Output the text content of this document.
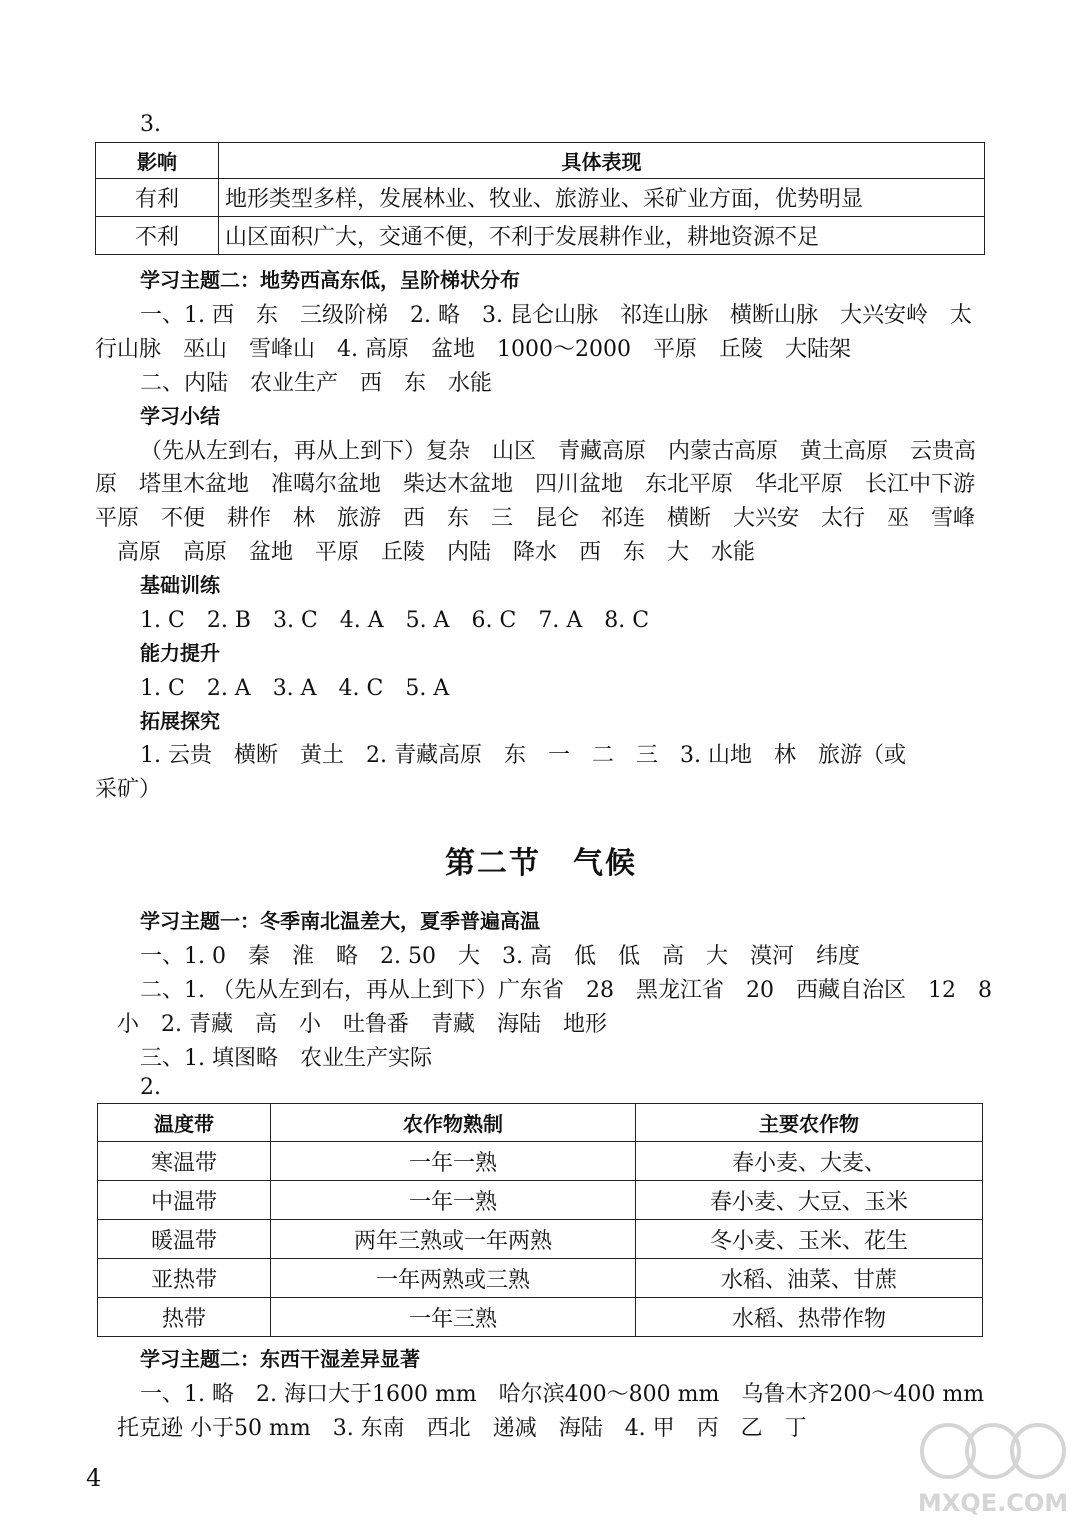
3.
影响	具体表现
有利	地形类型多样，发展林业、牧业、旅游业、采矿业方面，优势明显
不利	山区面积广大，交通不便，不利于发展耕作业，耕地资源不足
学习主题二：地势西高东低，呈阶梯状分布
一、1. 西　东　三级阶梯　2. 略　3. 昆仑山脉　祁连山脉　横断山脉　大兴安岭　太
行山脉　巫山　雪峰山　4. 高原　盆地　1000～2000　平原　丘陵　大陆架
二、内陆　农业生产　西　东　水能
学习小结
（先从左到右，再从上到下）复杂　山区　青藏高原　内蒙古高原　黄土高原　云贵高
原　塔里木盆地　准噶尔盆地　柴达木盆地　四川盆地　东北平原　华北平原　长江中下游
平原　不便　耕作　林　旅游　西　东　三　昆仑　祁连　横断　大兴安　太行　巫　雪峰
高原　高原　盆地　平原　丘陵　内陆　降水　西　东　大　水能
基础训练
1. C　2. B　3. C　4. A　5. A　6. C　7. A　8. C
能力提升
1. C　2. A　3. A　4. C　5. A
拓展探究
1. 云贵　横断　黄土　2. 青藏高原　东　一　二　三　3. 山地　林　旅游（或
采矿）
第二节　气候
学习主题一：冬季南北温差大，夏季普遍高温
一、1. 0　秦　淮　略　2. 50　大　3. 高　低　低　高　大　漠河　纬度
二、1. （先从左到右，再从上到下）广东省　28　黑龙江省　20　西藏自治区　12　8
小　2. 青藏　高　小　吐鲁番　青藏　海陆　地形
三、1. 填图略　农业生产实际
2.
温度带	农作物熟制	主要农作物
寒温带	一年一熟	春小麦、大麦、
中温带	一年一熟	春小麦、大豆、玉米
暖温带	两年三熟或一年两熟	冬小麦、玉米、花生
亚热带	一年两熟或三熟	水稻、油菜、甘蔗
热带	一年三熟	水稻、热带作物
学习主题二：东西干湿差异显著
一、1. 略　2. 海口大于1600 mm　哈尔滨400～800 mm　乌鲁木齐200～400 mm
托克逊 小于50 mm　3. 东南　西北　递减　海陆　4. 甲　丙　乙　丁
4
MXQE.COM
